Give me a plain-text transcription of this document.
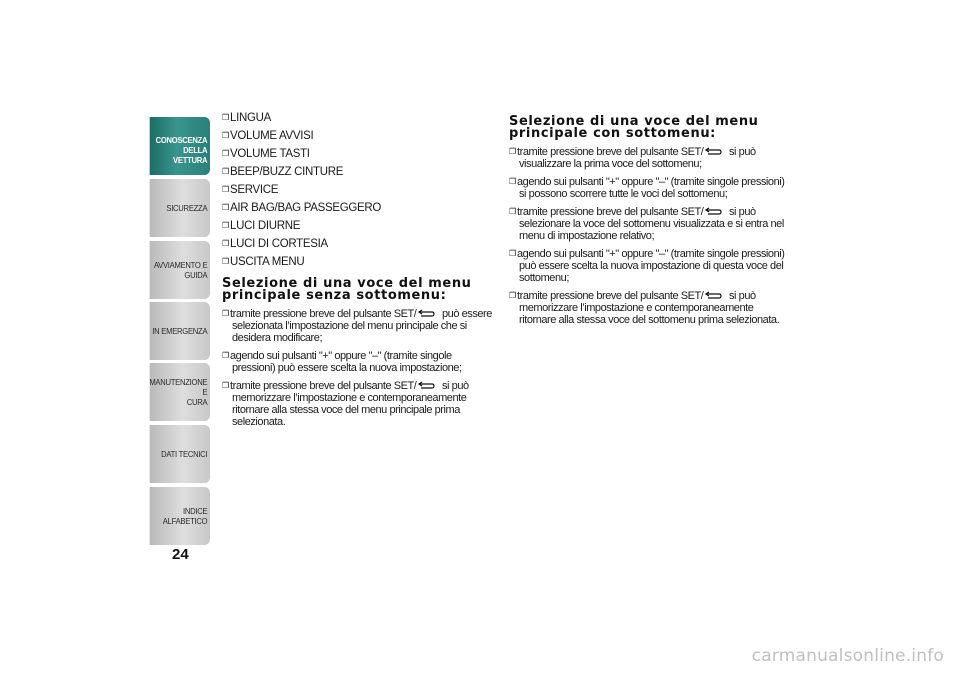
CONOSCENZA
DELLA VETTURA
SICUREZZA
AVVIAMENTO E
GUIDA
IN EMERGENZA
MANUTENZIONE E
CURA
DATI TECNICI
INDICE ALFABETICO
24
❒LINGUA
❒VOLUME AVVISI
❒VOLUME TASTI
❒BEEP/BUZZ CINTURE
❒SERVICE
❒AIR BAG/BAG PASSEGGERO
❒LUCI DIURNE
❒LUCI DI CORTESIA
❒USCITA MENU
Selezione di una voce del menu principale senza sottomenu:
❒tramite pressione breve del pulsante SET/ può essere selezionata l’impostazione del menu principale che si desidera modificare;
❒agendo sui pulsanti "+" oppure "–" (tramite singole pressioni) può essere scelta la nuova impostazione;
❒tramite pressione breve del pulsante SET/ si può memorizzare l’impostazione e contemporaneamente ritornare alla stessa voce del menu principale prima selezionata.
Selezione di una voce del menu principale con sottomenu:
❒tramite pressione breve del pulsante SET/ si può visualizzare la prima voce del sottomenu;
❒agendo sui pulsanti "+" oppure "–" (tramite singole pressioni) si possono scorrere tutte le voci del sottomenu;
❒tramite pressione breve del pulsante SET/ si può selezionare la voce del sottomenu visualizzata e si entra nel menu di impostazione relativo;
❒agendo sui pulsanti "+" oppure "–" (tramite singole pressioni) può essere scelta la nuova impostazione di questa voce del sottomenu;
❒tramite pressione breve del pulsante SET/ si può memorizzare l’impostazione e contemporaneamente ritornare alla stessa voce del sottomenu prima selezionata.
carmanualsonline.info
